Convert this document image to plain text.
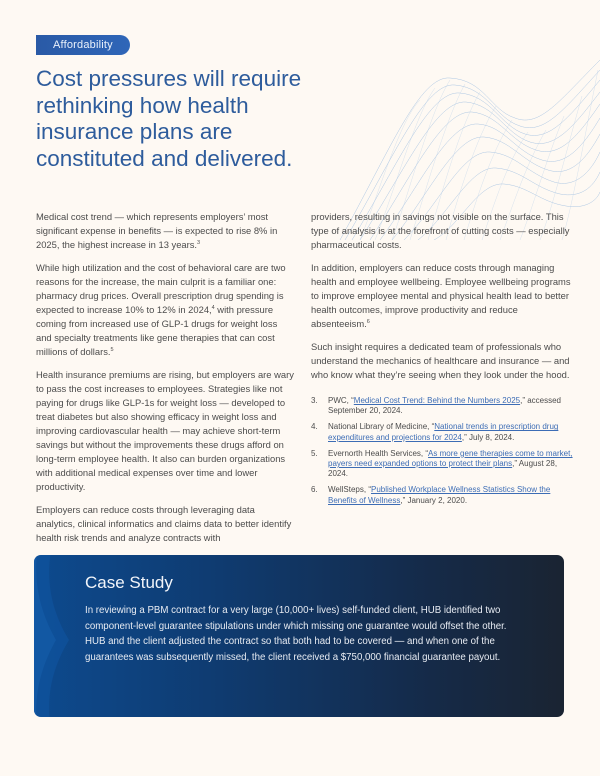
Affordability
Cost pressures will require rethinking how health insurance plans are constituted and delivered.

Medical cost trend — which represents employers’ most significant expense in benefits — is expected to rise 8% in 2025, the highest increase in 13 years.$^3$

While high utilization and the cost of behavioral care are two reasons for the increase, the main culprit is a familiar one: pharmacy drug prices. Overall prescription drug spending is expected to increase 10% to 12% in 2024,$^4$ with pressure coming from increased use of GLP-1 drugs for weight loss and specialty treatments like gene therapies that can cost millions of dollars.$^5$

Health insurance premiums are rising, but employers are wary to pass the cost increases to employees. Strategies like not paying for drugs like GLP-1s for weight loss — developed to treat diabetes but also showing efficacy in weight loss and improving cardiovascular health — may achieve short-term savings but without the improvements these drugs afford on long-term employee health. It also can burden organizations with additional medical expenses over time and lower productivity.

Employers can reduce costs through leveraging data analytics, clinical informatics and claims data to better identify health risk trends and analyze contracts with

providers, resulting in savings not visible on the surface. This type of analysis is at the forefront of cutting costs — especially pharmaceutical costs.

In addition, employers can reduce costs through managing health and employee wellbeing. Employee wellbeing programs to improve employee mental and physical health lead to better health outcomes, improve productivity and reduce absenteeism.$^6$

Such insight requires a dedicated team of professionals who understand the mechanics of healthcare and insurance — and who know what they’re seeing when they look under the hood.

3. PWC, “Medical Cost Trend: Behind the Numbers 2025,” accessed September 20, 2024.
4. National Library of Medicine, “National trends in prescription drug expenditures and projections for 2024,” July 8, 2024.
5. Evernorth Health Services, “As more gene therapies come to market, payers need expanded options to protect their plans,” August 28, 2024.
6. WellSteps, “Published Workplace Wellness Statistics Show the Benefits of Wellness,” January 2, 2020.
Case Study

In reviewing a PBM contract for a very large (10,000+ lives) self-funded client, HUB identified two component-level guarantee stipulations under which missing one guarantee would offset the other. HUB and the client adjusted the contract so that both had to be covered — and when one of the guarantees was subsequently missed, the client received a $750,000 financial guarantee payout.
